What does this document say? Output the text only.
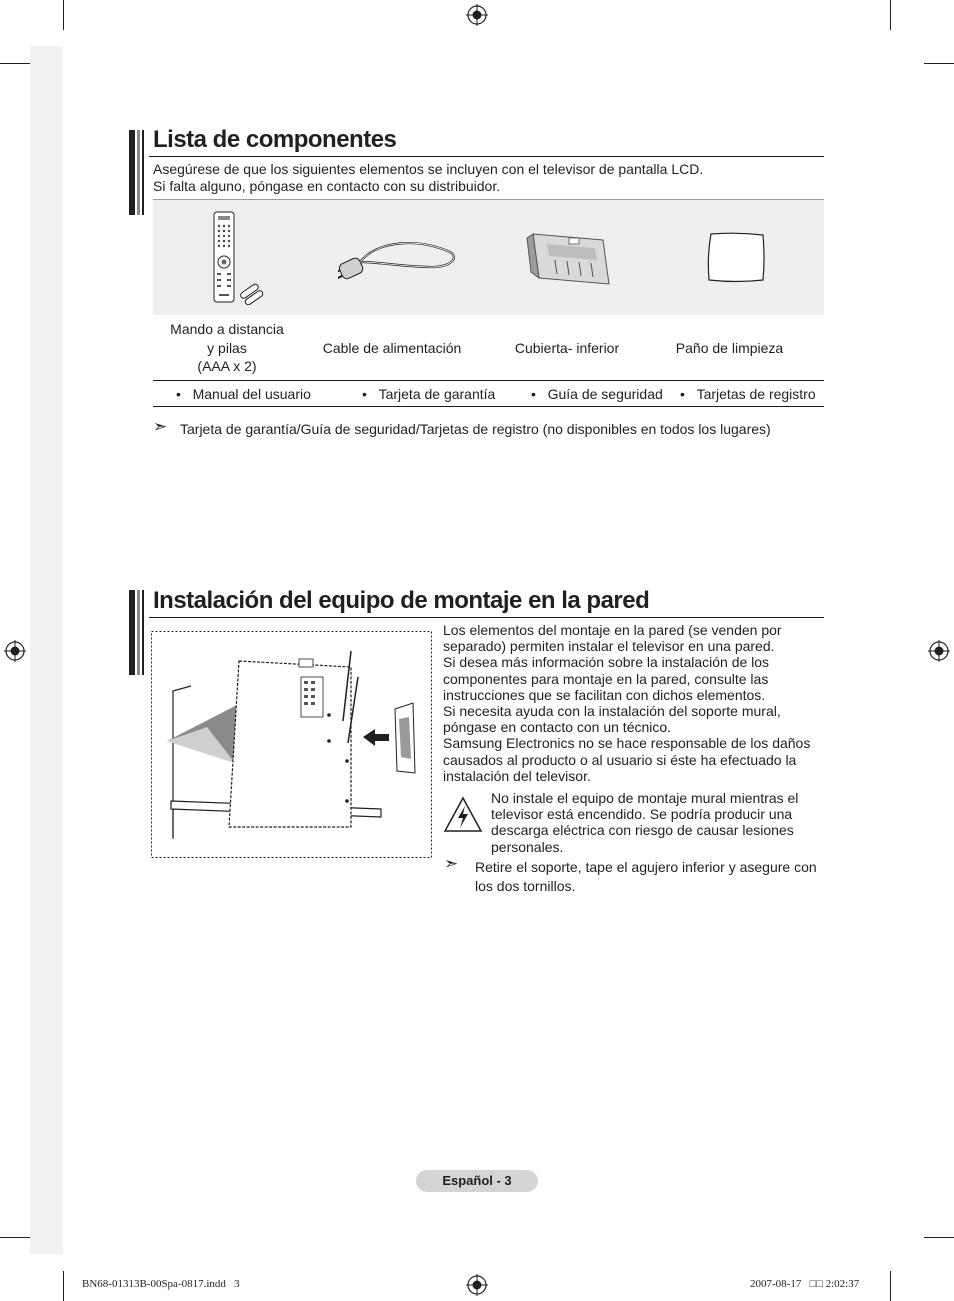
Lista de componentes
Asegúrese de que los siguientes elementos se incluyen con el televisor de pantalla LCD.
Si falta alguno, póngase en contacto con su distribuidor.
Mando a distancia
y pilas
(AAA x 2)
Cable de alimentación	Cubierta- inferior	Paño de limpieza
• Manual del usuario	• Tarjeta de garantía	• Guía de seguridad • Tarjetas de registro
➣ Tarjeta de garantía/Guía de seguridad/Tarjetas de registro (no disponibles en todos los lugares)
Instalación del equipo de montaje en la pared
Los elementos del montaje en la pared (se venden por separado) permiten instalar el televisor en una pared.
Si desea más información sobre la instalación de los componentes para montaje en la pared, consulte las instrucciones que se facilitan con dichos elementos.
Si necesita ayuda con la instalación del soporte mural, póngase en contacto con un técnico.
Samsung Electronics no se hace responsable de los daños causados al producto o al usuario si éste ha efectuado la instalación del televisor.
No instale el equipo de montaje mural mientras el televisor está encendido. Se podría producir una descarga eléctrica con riesgo de causar lesiones personales.
➣ Retire el soporte, tape el agujero inferior y asegure con los dos tornillos.
Español - 3
BN68-01313B-00Spa-0817.indd   3	2007-08-17   □□ 2:02:37
